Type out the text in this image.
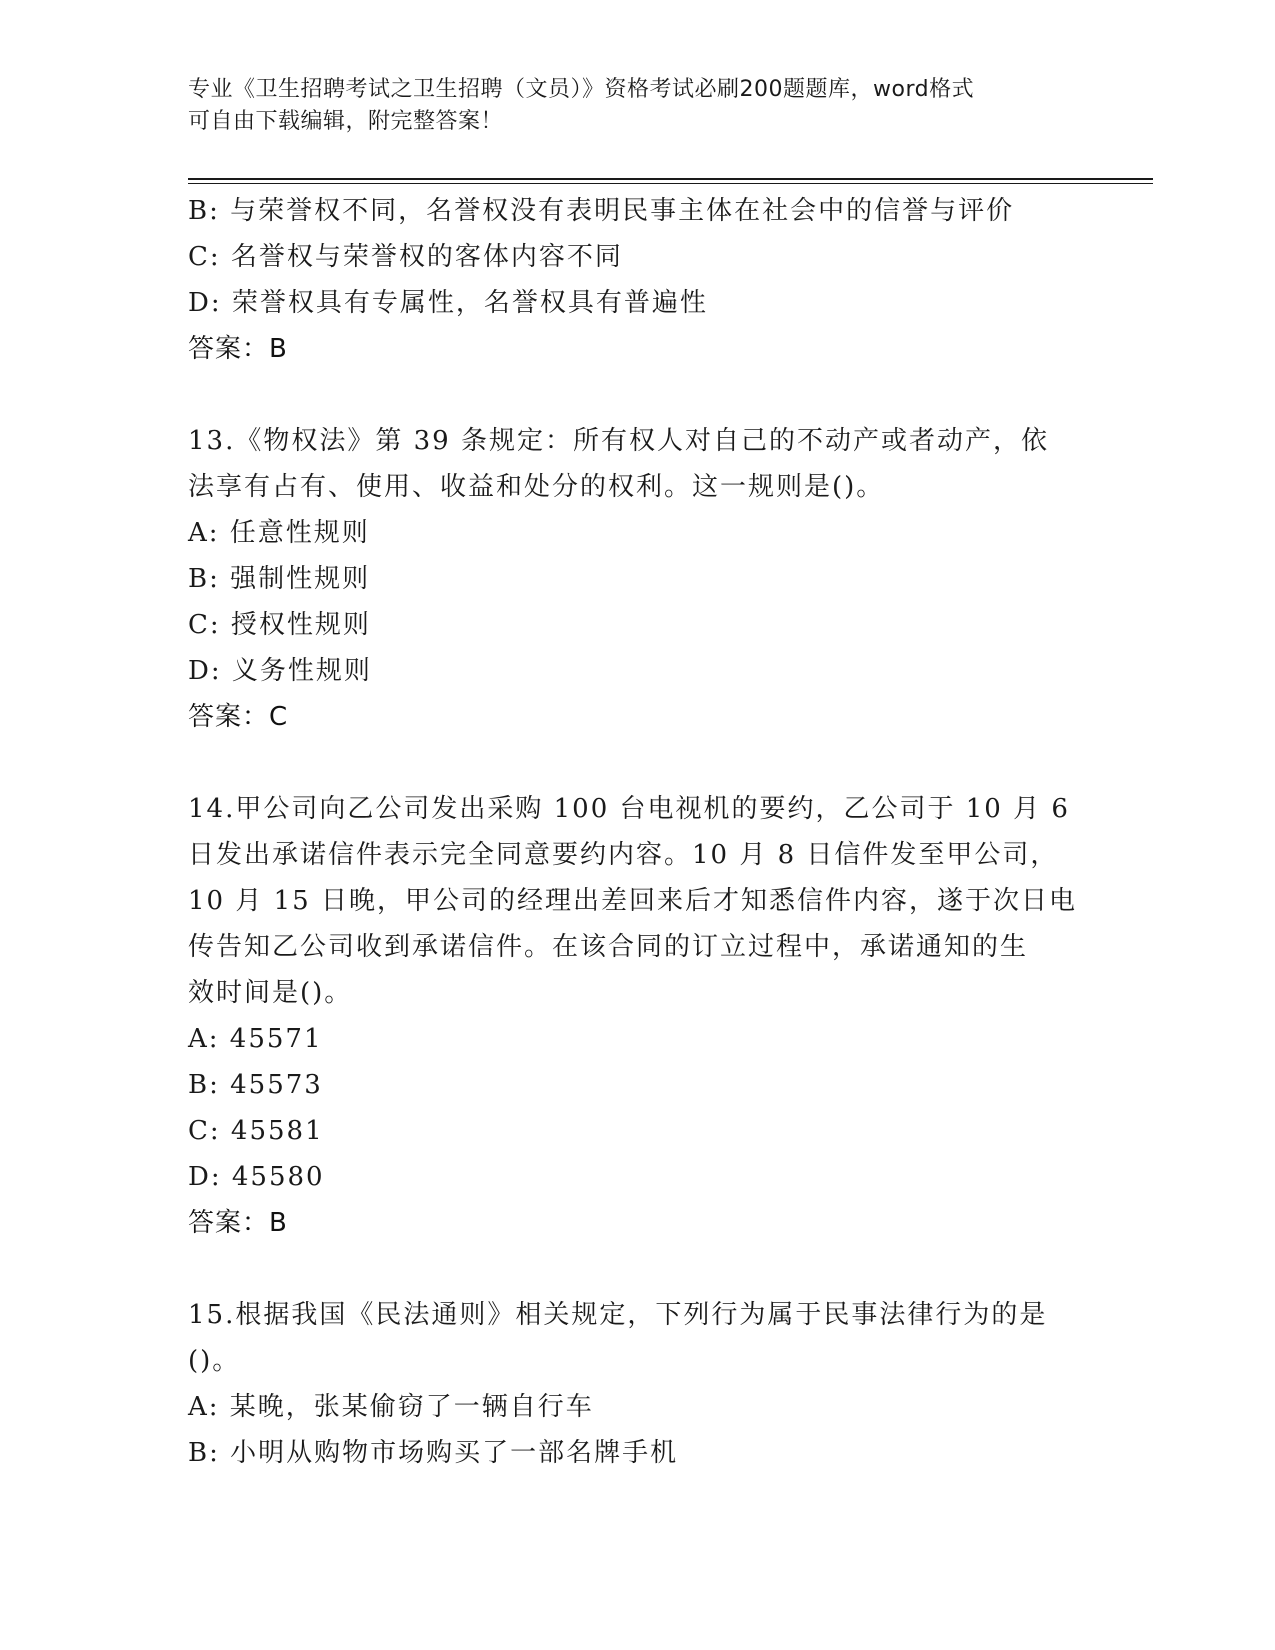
专业《卫生招聘考试之卫生招聘（文员）》资格考试必刷200题题库，word格式
可自由下载编辑，附完整答案！
B: 与荣誉权不同，名誉权没有表明民事主体在社会中的信誉与评价
C: 名誉权与荣誉权的客体内容不同
D: 荣誉权具有专属性，名誉权具有普遍性
答案：B
13.《物权法》第 39 条规定：所有权人对自己的不动产或者动产，依
法享有占有、使用、收益和处分的权利。这一规则是()。
A: 任意性规则
B: 强制性规则
C: 授权性规则
D: 义务性规则
答案：C
14.甲公司向乙公司发出采购 100 台电视机的要约，乙公司于 10 月 6
日发出承诺信件表示完全同意要约内容。10 月 8 日信件发至甲公司，
10 月 15 日晚，甲公司的经理出差回来后才知悉信件内容，遂于次日电
传告知乙公司收到承诺信件。在该合同的订立过程中，承诺通知的生
效时间是()。
A: 45571
B: 45573
C: 45581
D: 45580
答案：B
15.根据我国《民法通则》相关规定，下列行为属于民事法律行为的是
()。
A: 某晚，张某偷窃了一辆自行车
B: 小明从购物市场购买了一部名牌手机
